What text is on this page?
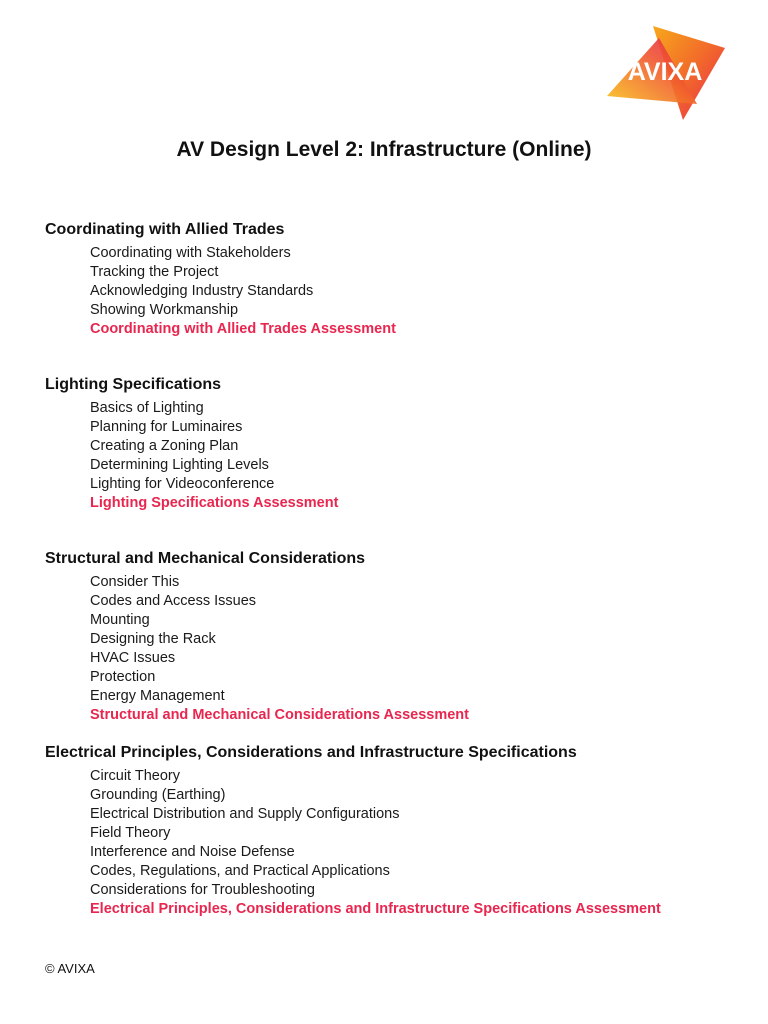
AVIXA
AV Design Level 2: Infrastructure (Online)
Coordinating with Allied Trades
Coordinating with Stakeholders
Tracking the Project
Acknowledging Industry Standards
Showing Workmanship
Coordinating with Allied Trades Assessment
Lighting Specifications
Basics of Lighting
Planning for Luminaires
Creating a Zoning Plan
Determining Lighting Levels
Lighting for Videoconference
Lighting Specifications Assessment
Structural and Mechanical Considerations
Consider This
Codes and Access Issues
Mounting
Designing the Rack
HVAC Issues
Protection
Energy Management
Structural and Mechanical Considerations Assessment
Electrical Principles, Considerations and Infrastructure Specifications
Circuit Theory
Grounding (Earthing)
Electrical Distribution and Supply Configurations
Field Theory
Interference and Noise Defense
Codes, Regulations, and Practical Applications
Considerations for Troubleshooting
Electrical Principles, Considerations and Infrastructure Specifications Assessment
© AVIXA
